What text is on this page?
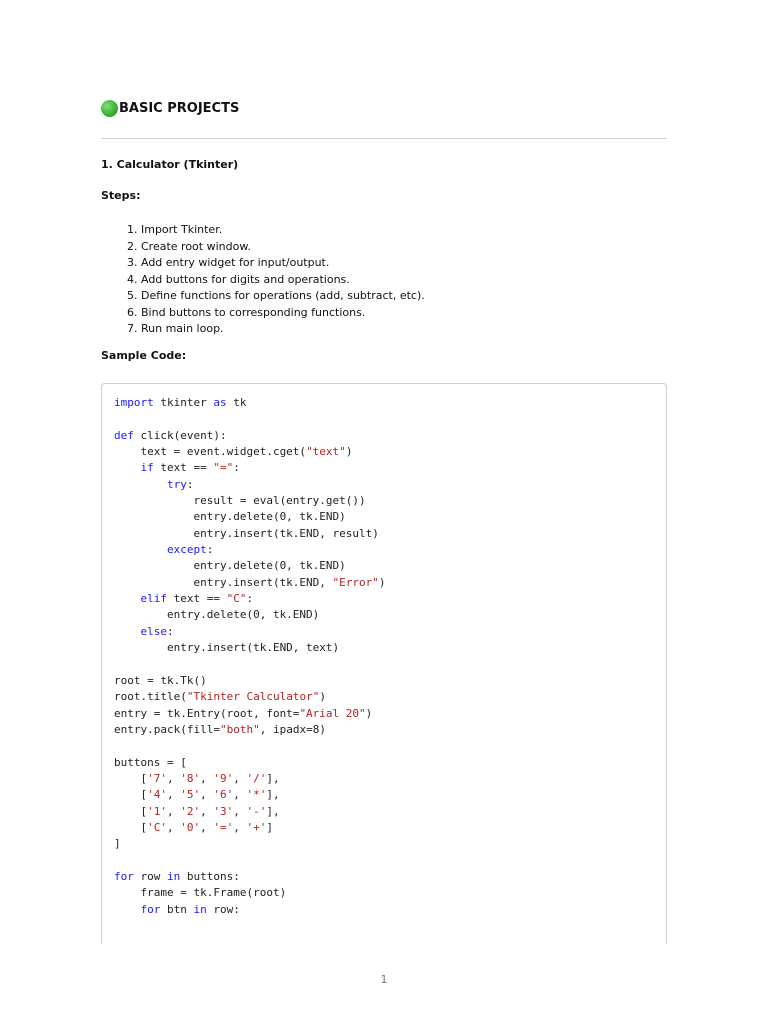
BASIC PROJECTS
1. Calculator (Tkinter)
Steps:
1. Import Tkinter.
2. Create root window.
3. Add entry widget for input/output.
4. Add buttons for digits and operations.
5. Define functions for operations (add, subtract, etc).
6. Bind buttons to corresponding functions.
7. Run main loop.
Sample Code:
import tkinter as tk
def click(event):
text = event.widget.cget("text")
if text == "=":
try:
result = eval(entry.get())
entry.delete(0, tk.END)
entry.insert(tk.END, result)
except:
entry.delete(0, tk.END)
entry.insert(tk.END, "Error")
elif text == "C":
entry.delete(0, tk.END)
else:
entry.insert(tk.END, text)
root = tk.Tk()
root.title("Tkinter Calculator")
entry = tk.Entry(root, font="Arial 20")
entry.pack(fill="both", ipadx=8)
buttons = [
['7', '8', '9', '/'],
['4', '5', '6', '*'],
['1', '2', '3', '-'],
['C', '0', '=', '+']
]
for row in buttons:
frame = tk.Frame(root)
for btn in row:
1
